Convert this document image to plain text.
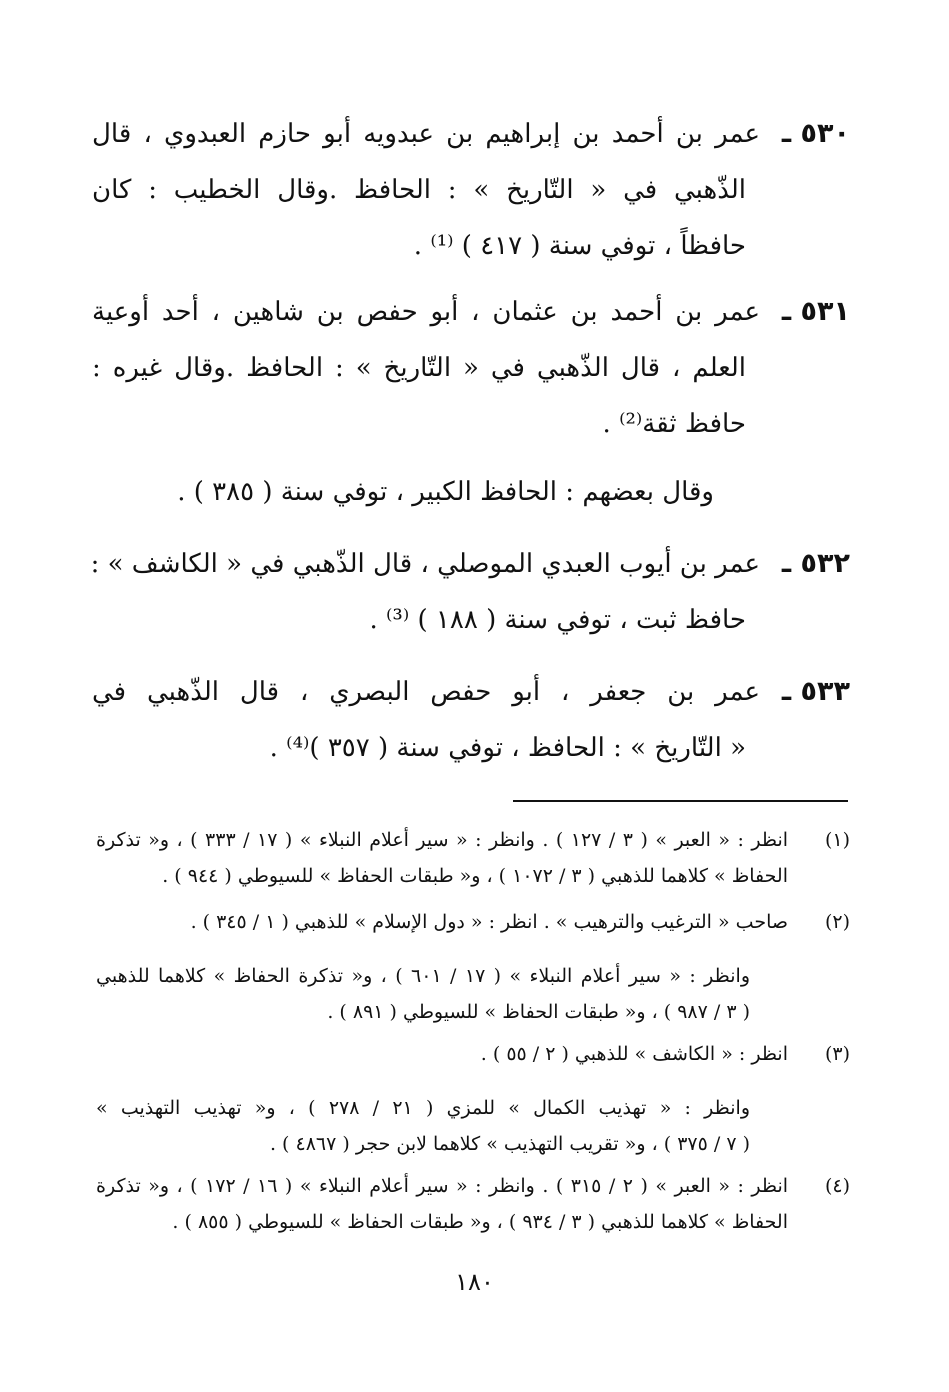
٥٣٠ ـ
عمر بن أحمد بن إبراهيم بن عبدويه أبو حازم العبدوي ، قال
الذّهبي في « التّاريخ » : الحافظ .وقال الخطيب : كان
حافظاً ، توفي سنة ( ٤١٧ ) ⁽¹⁾ .
٥٣١ ـ
عمر بن أحمد بن عثمان ، أبو حفص بن شاهين ، أحد أوعية
العلم ، قال الذّهبي في « التّاريخ » : الحافظ .وقال غيره :
حافظ ثقة⁽²⁾ .
وقال بعضهم : الحافظ الكبير ، توفي سنة ( ٣٨٥ ) .
٥٣٢ ـ
عمر بن أيوب العبدي الموصلي ، قال الذّهبي في « الكاشف » :
حافظ ثبت ، توفي سنة ( ١٨٨ ) ⁽³⁾ .
٥٣٣ ـ
عمر بن جعفر ، أبو حفص البصري ، قال الذّهبي في
« التّاريخ » : الحافظ ، توفي سنة ( ٣٥٧ )⁽⁴⁾ .
(١)
انظر : « العبر » ( ٣ / ١٢٧ ) . وانظر : « سير أعلام النبلاء » ( ١٧ / ٣٣٣ ) ، و« تذكرة
الحفاظ » كلاهما للذهبي ( ٣ / ١٠٧٢ ) ، و« طبقات الحفاظ » للسيوطي ( ٩٤٤ ) .
(٢)
صاحب « الترغيب والترهيب » . انظر : « دول الإسلام » للذهبي ( ١ / ٣٤٥ ) .
وانظر : « سير أعلام النبلاء » ( ١٧ / ٦٠١ ) ، و« تذكرة الحفاظ » كلاهما للذهبي
( ٣ / ٩٨٧ ) ، و« طبقات الحفاظ » للسيوطي ( ٨٩١ ) .
(٣)
انظر : « الكاشف » للذهبي ( ٢ / ٥٥ ) .
وانظر : « تهذيب الكمال » للمزي ( ٢١ / ٢٧٨ ) ، و« تهذيب التهذيب »
( ٧ / ٣٧٥ ) ، و« تقريب التهذيب » كلاهما لابن حجر ( ٤٨٦٧ ) .
(٤)
انظر : « العبر » ( ٢ / ٣١٥ ) . وانظر : « سير أعلام النبلاء » ( ١٦ / ١٧٢ ) ، و« تذكرة
الحفاظ » كلاهما للذهبي ( ٣ / ٩٣٤ ) ، و« طبقات الحفاظ » للسيوطي ( ٨٥٥ ) .
١٨٠
